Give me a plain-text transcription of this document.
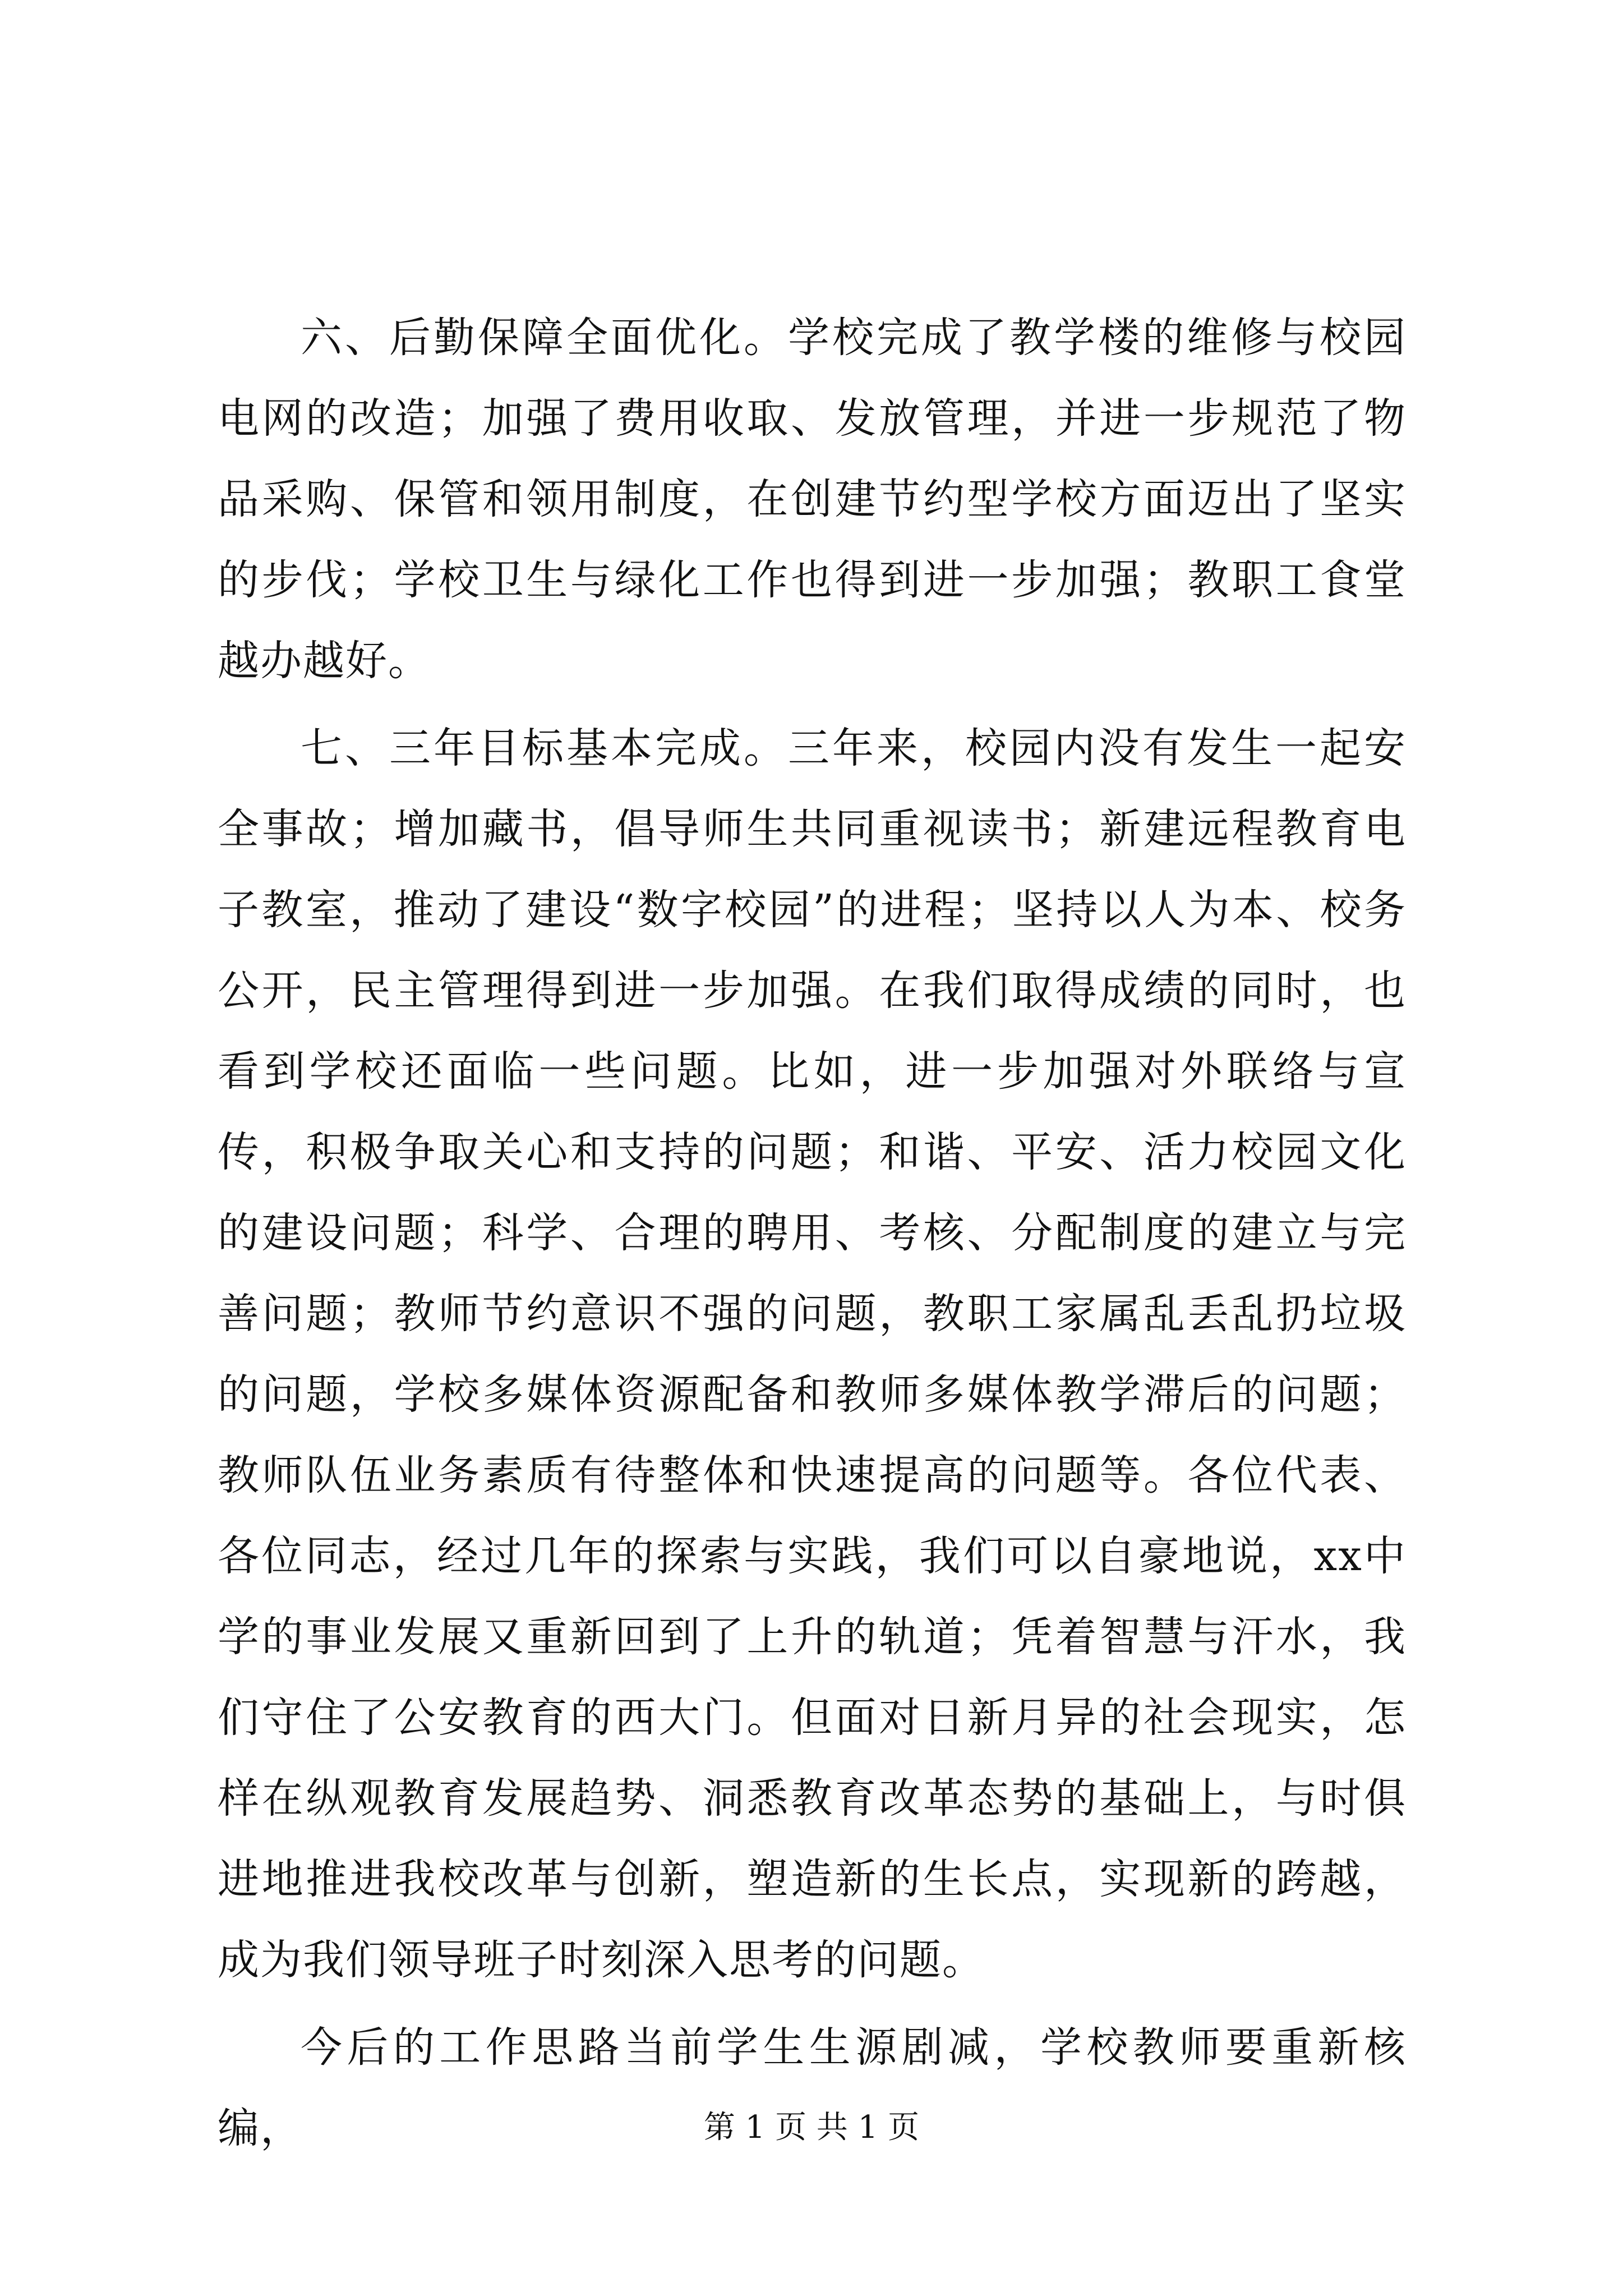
六、后勤保障全面优化。学校完成了教学楼的维修与校园电网的改造；加强了费用收取、发放管理，并进一步规范了物品采购、保管和领用制度，在创建节约型学校方面迈出了坚实的步伐；学校卫生与绿化工作也得到进一步加强；教职工食堂越办越好。

七、三年目标基本完成。三年来，校园内没有发生一起安全事故；增加藏书，倡导师生共同重视读书；新建远程教育电子教室，推动了建设“数字校园”的进程；坚持以人为本、校务公开，民主管理得到进一步加强。在我们取得成绩的同时，也看到学校还面临一些问题。比如，进一步加强对外联络与宣传，积极争取关心和支持的问题；和谐、平安、活力校园文化的建设问题；科学、合理的聘用、考核、分配制度的建立与完善问题；教师节约意识不强的问题，教职工家属乱丢乱扔垃圾的问题，学校多媒体资源配备和教师多媒体教学滞后的问题；教师队伍业务素质有待整体和快速提高的问题等。各位代表、各位同志，经过几年的探索与实践，我们可以自豪地说，xx中学的事业发展又重新回到了上升的轨道；凭着智慧与汗水，我们守住了公安教育的西大门。但面对日新月异的社会现实，怎样在纵观教育发展趋势、洞悉教育改革态势的基础上，与时俱进地推进我校改革与创新，塑造新的生长点，实现新的跨越，成为我们领导班子时刻深入思考的问题。

今后的工作思路当前学生生源剧减，学校教师要重新核编，	第 1 页 共 1 页
